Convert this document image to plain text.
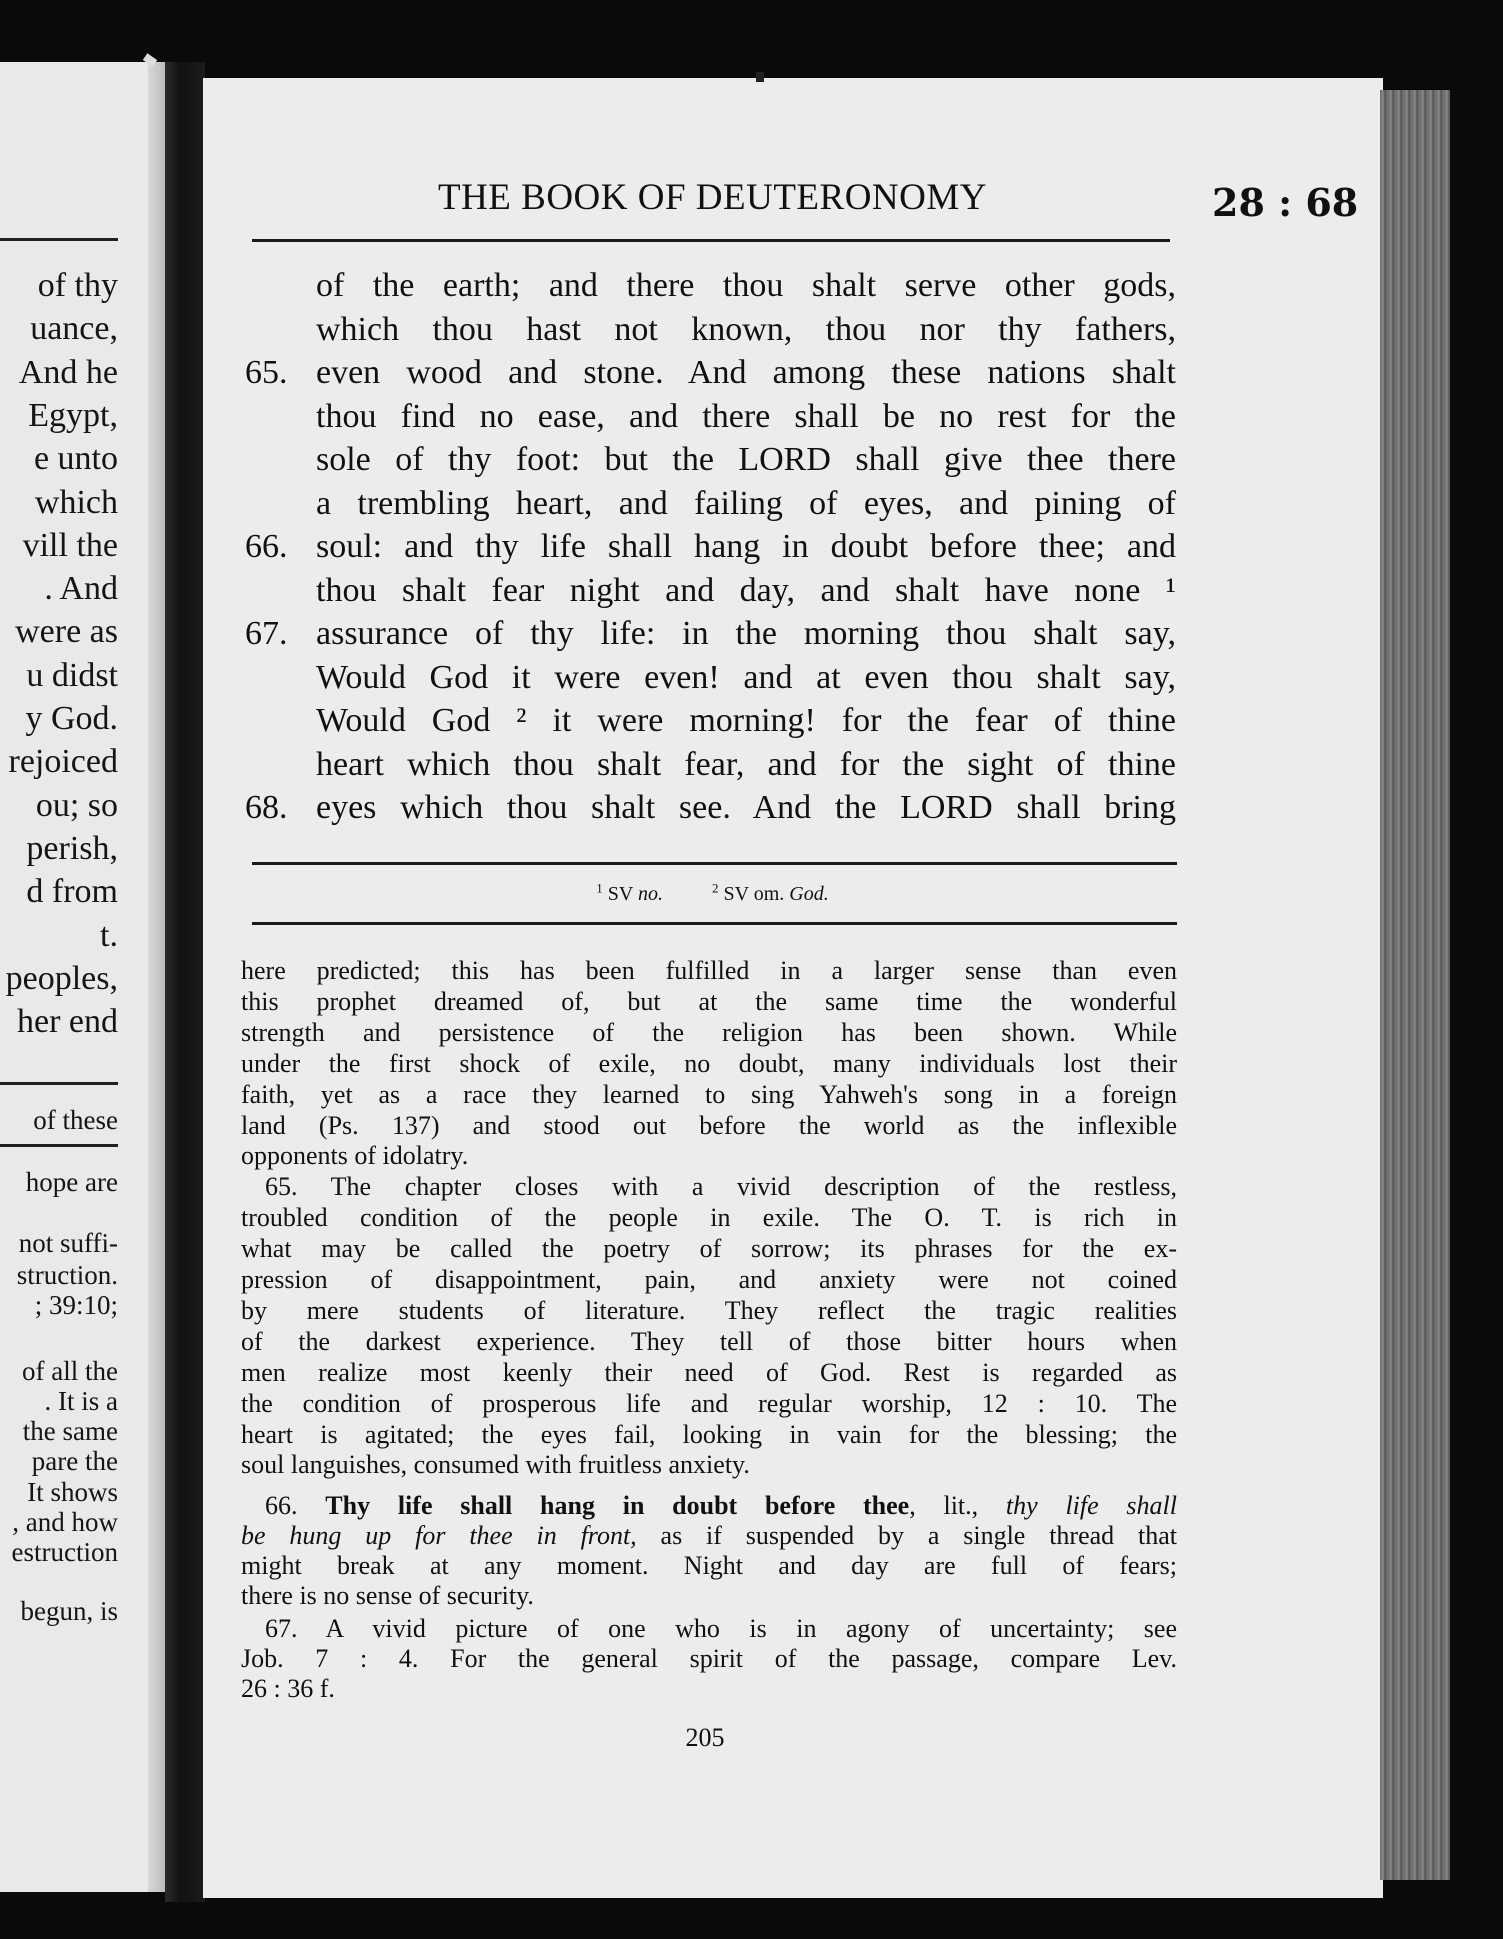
of thy
uance,
And he
Egypt,
e unto
which
vill the
. And
were as
u didst
y God.
rejoiced
ou; so
perish,
d from
t.
peoples,
her end
of these
hope are
not suffi-
struction.
; 39:10;
of all the
. It is a
the same
pare the
It shows
, and how
estruction
begun, is
THE BOOK OF DEUTERONOMY	28 : 68
of the earth; and there thou shalt serve other gods,
which thou hast not known, thou nor thy fathers,
65. even wood and stone. And among these nations shalt
thou find no ease, and there shall be no rest for the
sole of thy foot: but the LORD shall give thee there
a trembling heart, and failing of eyes, and pining of
66. soul: and thy life shall hang in doubt before thee; and
thou shalt fear night and day, and shalt have none ¹
67. assurance of thy life: in the morning thou shalt say,
Would God it were even! and at even thou shalt say,
Would God ² it were morning! for the fear of thine
heart which thou shalt fear, and for the sight of thine
68. eyes which thou shalt see. And the LORD shall bring
$^1$ SV no.	$^2$ SV om. God.
here predicted; this has been fulfilled in a larger sense than even
this prophet dreamed of, but at the same time the wonderful
strength and persistence of the religion has been shown. While
under the first shock of exile, no doubt, many individuals lost their
faith, yet as a race they learned to sing Yahweh's song in a foreign
land (Ps. 137) and stood out before the world as the inflexible
opponents of idolatry.
65. The chapter closes with a vivid description of the restless,
troubled condition of the people in exile. The O. T. is rich in
what may be called the poetry of sorrow; its phrases for the ex-
pression of disappointment, pain, and anxiety were not coined
by mere students of literature. They reflect the tragic realities
of the darkest experience. They tell of those bitter hours when
men realize most keenly their need of God. Rest is regarded as
the condition of prosperous life and regular worship, 12 : 10. The
heart is agitated; the eyes fail, looking in vain for the blessing; the
soul languishes, consumed with fruitless anxiety.
66. Thy life shall hang in doubt before thee, lit., thy life shall
be hung up for thee in front, as if suspended by a single thread that
might break at any moment. Night and day are full of fears;
there is no sense of security.
67. A vivid picture of one who is in agony of uncertainty; see
Job. 7 : 4. For the general spirit of the passage, compare Lev.
26 : 36 f.
205
